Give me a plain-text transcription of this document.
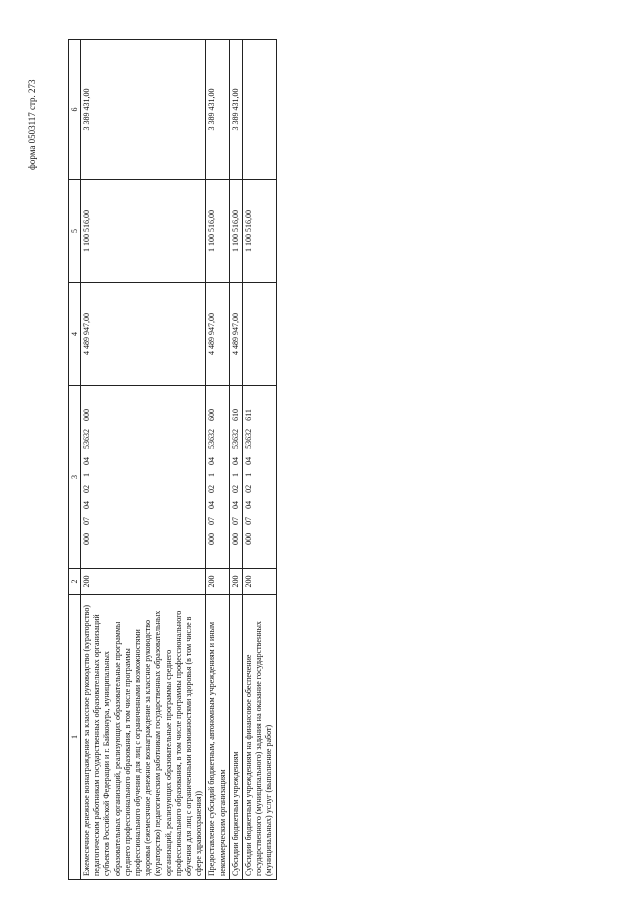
форма 0503117 стр. 273
1	2	3	4	5	6
Ежемесячное денежное вознаграждение за классное руководство (кураторство) педагогическим работникам государственных образовательных организаций субъектов Российской Федерации и г. Байконура, муниципальных образовательных организаций, реализующих образовательные программы среднего профессионального образования, в том числе программы профессионального обучения для лиц с ограниченными возможностями здоровья (ежемесячное денежное вознаграждение за классное руководство (кураторство) педагогическим работникам государственных образовательных организаций, реализующих образовательные программы среднего профессионального образования, в том числе программы профессионального обучения для лиц с ограниченными возможностями здоровья (в том числе в сфере здравоохранения))	200	000 07 04 02 1 04 53632 000	4 489 947,00	1 100 516,00	3 389 431,00
Предоставление субсидий бюджетным, автономным учреждениям и иным некоммерческим организациям	200	000 07 04 02 1 04 53632 600	4 489 947,00	1 100 516,00	3 389 431,00
Субсидии бюджетным учреждениям	200	000 07 04 02 1 04 53632 610	4 489 947,00	1 100 516,00	3 389 431,00
Субсидии бюджетным учреждениям на финансовое обеспечение государственного (муниципального) задания на оказание государственных (муниципальных) услуг (выполнение работ)	200	000 07 04 02 1 04 53632 611		1 100 516,00	
